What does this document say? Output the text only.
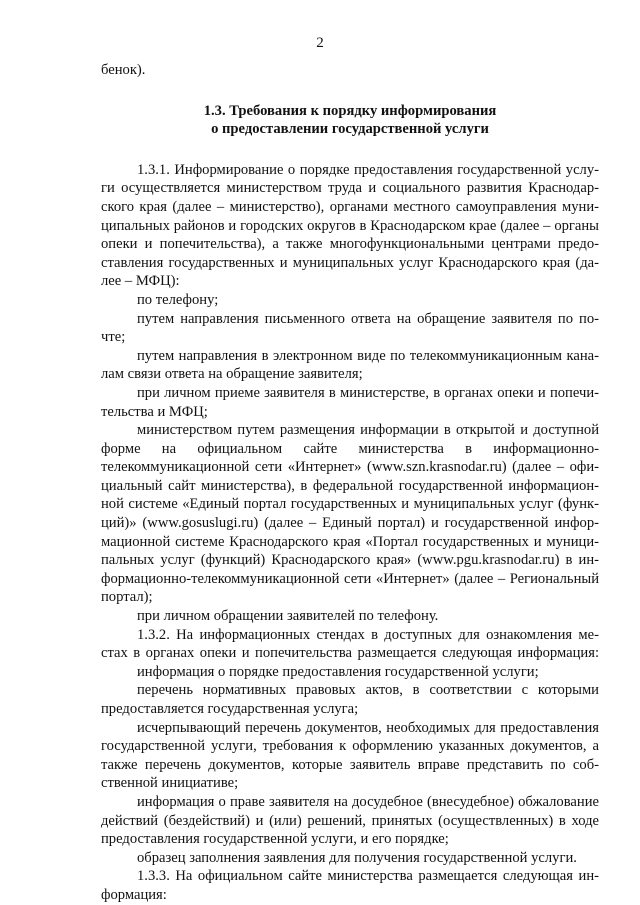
2
бенок).
1.3. Требования к порядку информирования
о предоставлении государственной услуги
1.3.1. Информирование о порядке предоставления государственной услу-
ги осуществляется министерством труда и социального развития Краснодар-
ского края (далее – министерство), органами местного самоуправления муни-
ципальных районов и городских округов в Краснодарском крае (далее – органы
опеки и попечительства), а также многофункциональными центрами предо-
ставления государственных и муниципальных услуг Краснодарского края (да-
лее – МФЦ):
по телефону;
путем направления письменного ответа на обращение заявителя по по-
чте;
путем направления в электронном виде по телекоммуникационным кана-
лам связи ответа на обращение заявителя;
при личном приеме заявителя в министерстве, в органах опеки и попечи-
тельства и МФЦ;
министерством путем размещения информации в открытой и доступной
форме на официальном сайте министерства в информационно-
телекоммуникационной сети «Интернет» (www.szn.krasnodar.ru) (далее – офи-
циальный сайт министерства), в федеральной государственной информацион-
ной системе «Единый портал государственных и муниципальных услуг (функ-
ций)» (www.gosuslugi.ru) (далее – Единый портал) и государственной инфор-
мационной системе Краснодарского края «Портал государственных и муници-
пальных услуг (функций) Краснодарского края» (www.pgu.krasnodar.ru) в ин-
формационно-телекоммуникационной сети «Интернет» (далее – Региональный
портал);
при личном обращении заявителей по телефону.
1.3.2. На информационных стендах в доступных для ознакомления ме-
стах в органах опеки и попечительства размещается следующая информация:
информация о порядке предоставления государственной услуги;
перечень нормативных правовых актов, в соответствии с которыми
предоставляется государственная услуга;
исчерпывающий перечень документов, необходимых для предоставления
государственной услуги, требования к оформлению указанных документов, а
также перечень документов, которые заявитель вправе представить по соб-
ственной инициативе;
информация о праве заявителя на досудебное (внесудебное) обжалование
действий (бездействий) и (или) решений, принятых (осуществленных) в ходе
предоставления государственной услуги, и его порядке;
образец заполнения заявления для получения государственной услуги.
1.3.3. На официальном сайте министерства размещается следующая ин-
формация:
